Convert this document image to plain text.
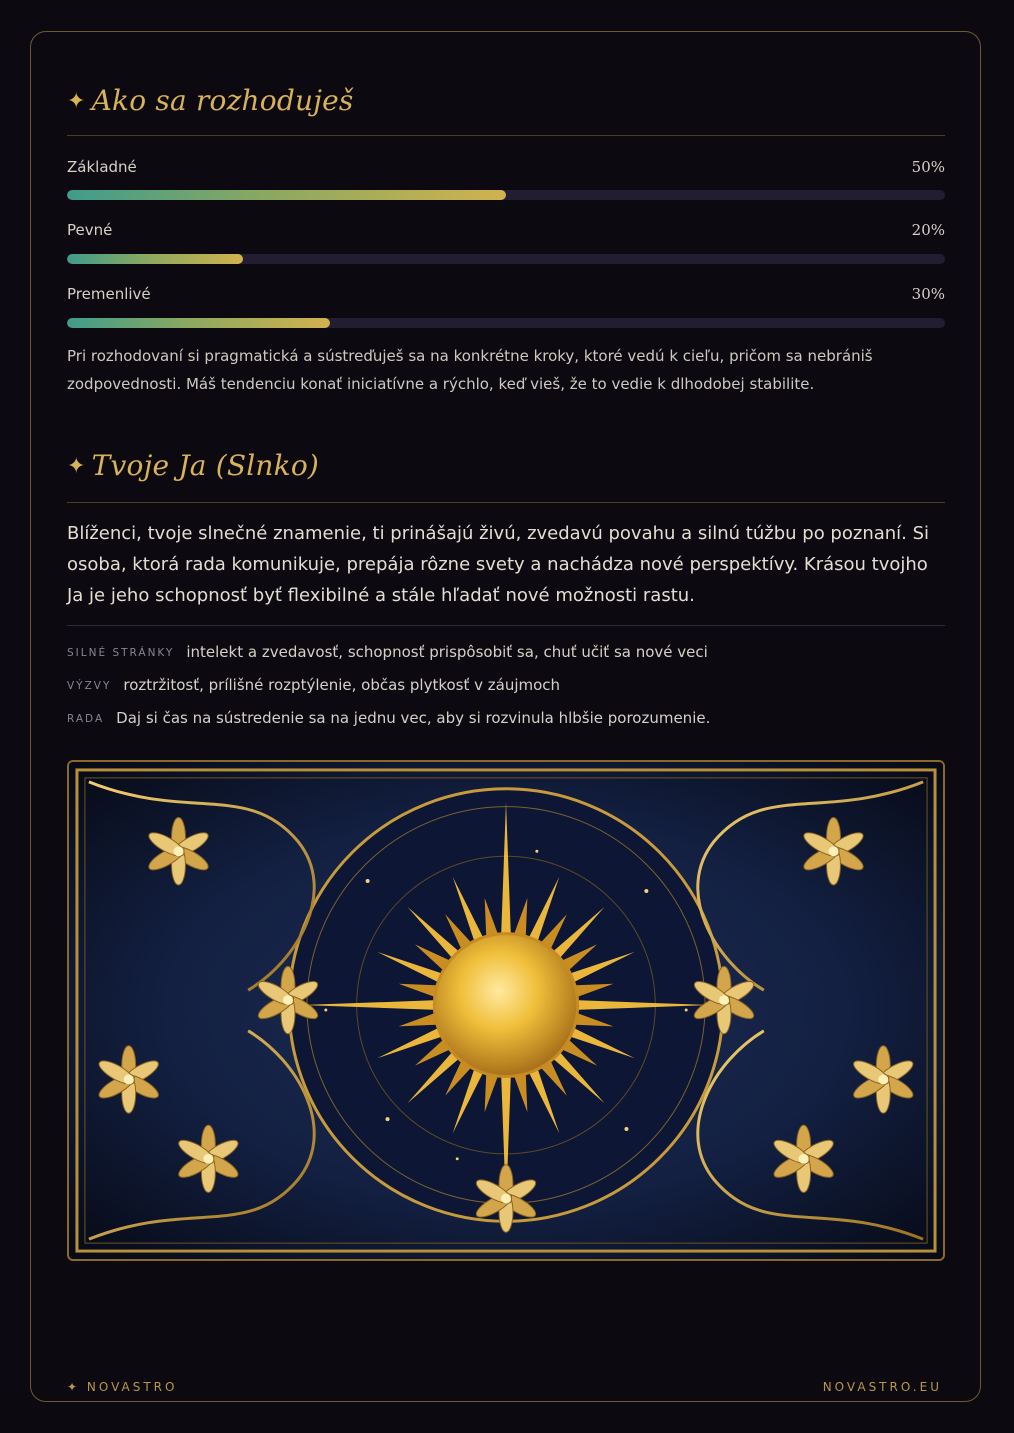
✦ Ako sa rozhoduješ
Základné	50%
Pevné	20%
Premenlivé	30%
Pri rozhodovaní si pragmatická a sústreďuješ sa na konkrétne kroky, ktoré vedú k cieľu, pričom sa nebrániš zodpovednosti. Máš tendenciu konať iniciatívne a rýchlo, keď vieš, že to vedie k dlhodobej stabilite.
✦ Tvoje Ja (Slnko)
Blíženci, tvoje slnečné znamenie, ti prinášajú živú, zvedavú povahu a silnú túžbu po poznaní. Si osoba, ktorá rada komunikuje, prepája rôzne svety a nachádza nové perspektívy. Krásou tvojho Ja je jeho schopnosť byť flexibilné a stále hľadať nové možnosti rastu.
SILNÉ STRÁNKY intelekt a zvedavosť, schopnosť prispôsobiť sa, chuť učiť sa nové veci
VÝZVY roztržitosť, prílišné rozptýlenie, občas plytkosť v záujmoch
RADA Daj si čas na sústredenie sa na jednu vec, aby si rozvinula hlbšie porozumenie.
✦ NOVASTRO	NOVASTRO.EU
